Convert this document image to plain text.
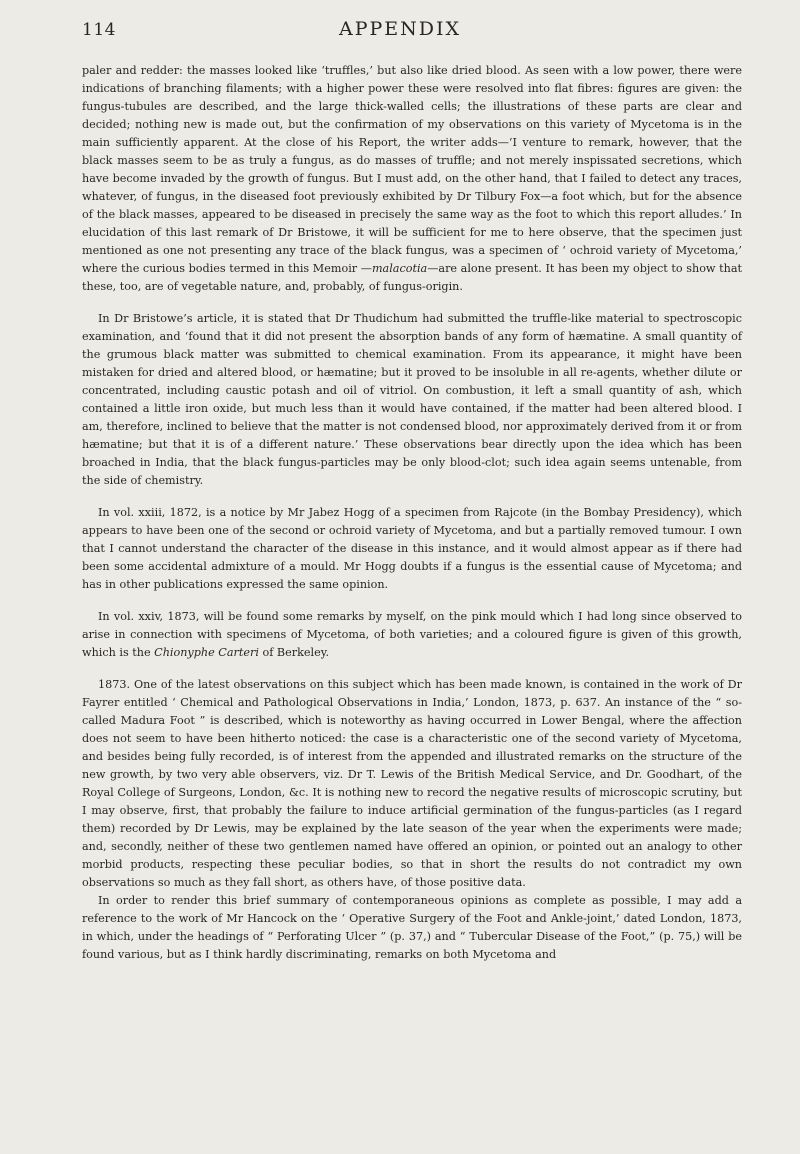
114	APPENDIX

paler and redder: the masses looked like ‘truffles,’ but also like dried blood. As seen with a low power, there were indications of branching filaments; with a higher power these were resolved into flat fibres: figures are given: the fungus-tubules are described, and the large thick-walled cells; the illustrations of these parts are clear and decided; nothing new is made out, but the confirmation of my observations on this variety of Mycetoma is in the main sufficiently apparent. At the close of his Report, the writer adds—‘I venture to remark, however, that the black masses seem to be as truly a fungus, as do masses of truffle; and not merely inspissated secretions, which have become invaded by the growth of fungus. But I must add, on the other hand, that I failed to detect any traces, whatever, of fungus, in the diseased foot previously exhibited by Dr Tilbury Fox—a foot which, but for the absence of the black masses, appeared to be diseased in precisely the same way as the foot to which this report alludes.’ In elucidation of this last remark of Dr Bristowe, it will be sufficient for me to here observe, that the specimen just mentioned as one not presenting any trace of the black fungus, was a specimen of ‘ ochroid variety of Mycetoma,’ where the curious bodies termed in this Memoir —malacotia—are alone present. It has been my object to show that these, too, are of vegetable nature, and, probably, of fungus-origin.

In Dr Bristowe’s article, it is stated that Dr Thudichum had submitted the truffle-like material to spectroscopic examination, and ‘found that it did not present the absorption bands of any form of hæmatine. A small quantity of the grumous black matter was submitted to chemical examination. From its appearance, it might have been mistaken for dried and altered blood, or hæmatine; but it proved to be insoluble in all re-agents, whether dilute or concentrated, including caustic potash and oil of vitriol. On combustion, it left a small quantity of ash, which contained a little iron oxide, but much less than it would have contained, if the matter had been altered blood. I am, therefore, inclined to believe that the matter is not condensed blood, nor approximately derived from it or from hæmatine; but that it is of a different nature.’ These observations bear directly upon the idea which has been broached in India, that the black fungus-particles may be only blood-clot; such idea again seems untenable, from the side of chemistry.

In vol. xxiii, 1872, is a notice by Mr Jabez Hogg of a specimen from Rajcote (in the Bombay Presidency), which appears to have been one of the second or ochroid variety of Mycetoma, and but a partially removed tumour. I own that I cannot understand the character of the disease in this instance, and it would almost appear as if there had been some accidental admixture of a mould. Mr Hogg doubts if a fungus is the essential cause of Mycetoma; and has in other publications expressed the same opinion.

In vol. xxiv, 1873, will be found some remarks by myself, on the pink mould which I had long since observed to arise in connection with specimens of Mycetoma, of both varieties; and a coloured figure is given of this growth, which is the Chionyphe Carteri of Berkeley.

1873. One of the latest observations on this subject which has been made known, is contained in the work of Dr Fayrer entitled ‘ Chemical and Pathological Observations in India,’ London, 1873, p. 637. An instance of the “ so-called Madura Foot ” is described, which is noteworthy as having occurred in Lower Bengal, where the affection does not seem to have been hitherto noticed: the case is a characteristic one of the second variety of Mycetoma, and besides being fully recorded, is of interest from the appended and illustrated remarks on the structure of the new growth, by two very able observers, viz. Dr T. Lewis of the British Medical Service, and Dr. Goodhart, of the Royal College of Surgeons, London, &c. It is nothing new to record the negative results of microscopic scrutiny, but I may observe, first, that probably the failure to induce artificial germination of the fungus-particles (as I regard them) recorded by Dr Lewis, may be explained by the late season of the year when the experiments were made; and, secondly, neither of these two gentlemen named have offered an opinion, or pointed out an analogy to other morbid products, respecting these peculiar bodies, so that in short the results do not contradict my own observations so much as they fall short, as others have, of those positive data.

In order to render this brief summary of contemporaneous opinions as complete as possible, I may add a reference to the work of Mr Hancock on the ‘ Operative Surgery of the Foot and Ankle-joint,’ dated London, 1873, in which, under the headings of “ Perforating Ulcer ” (p. 37,) and “ Tubercular Disease of the Foot,” (p. 75,) will be found various, but as I think hardly discriminating, remarks on both Mycetoma and
